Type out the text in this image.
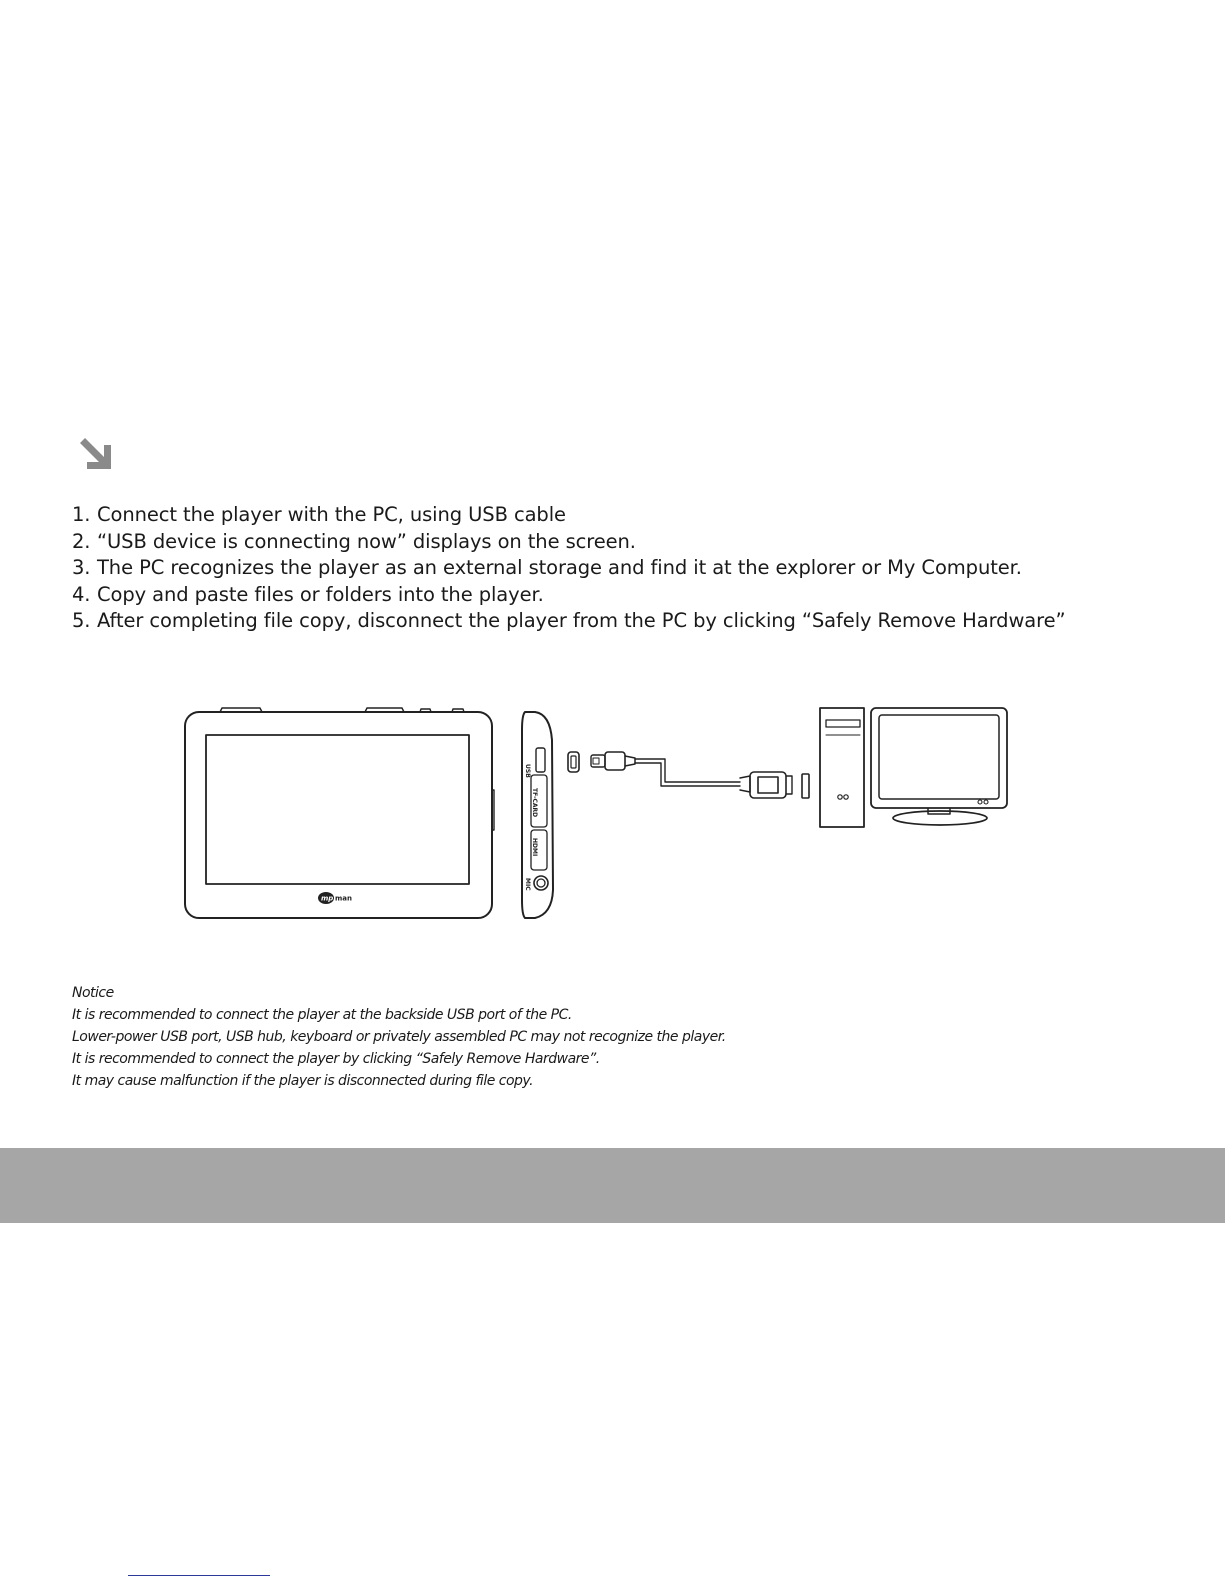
1. Connect the player with the PC, using USB cable
2. “USB device is connecting now” displays on the screen.
3. The PC recognizes the player as an external storage and find it at the explorer or My Computer.
4. Copy and paste files or folders into the player.
5. After completing file copy, disconnect the player from the PC by clicking “Safely Remove Hardware”
mp man
USB
TF-CARD
HDMI
MIC
Notice
It is recommended to connect the player at the backside USB port of the PC.
Lower-power USB port, USB hub, keyboard or privately assembled PC may not recognize the player.
It is recommended to connect the player by clicking “Safely Remove Hardware”.
It may cause malfunction if the player is disconnected during file copy.
